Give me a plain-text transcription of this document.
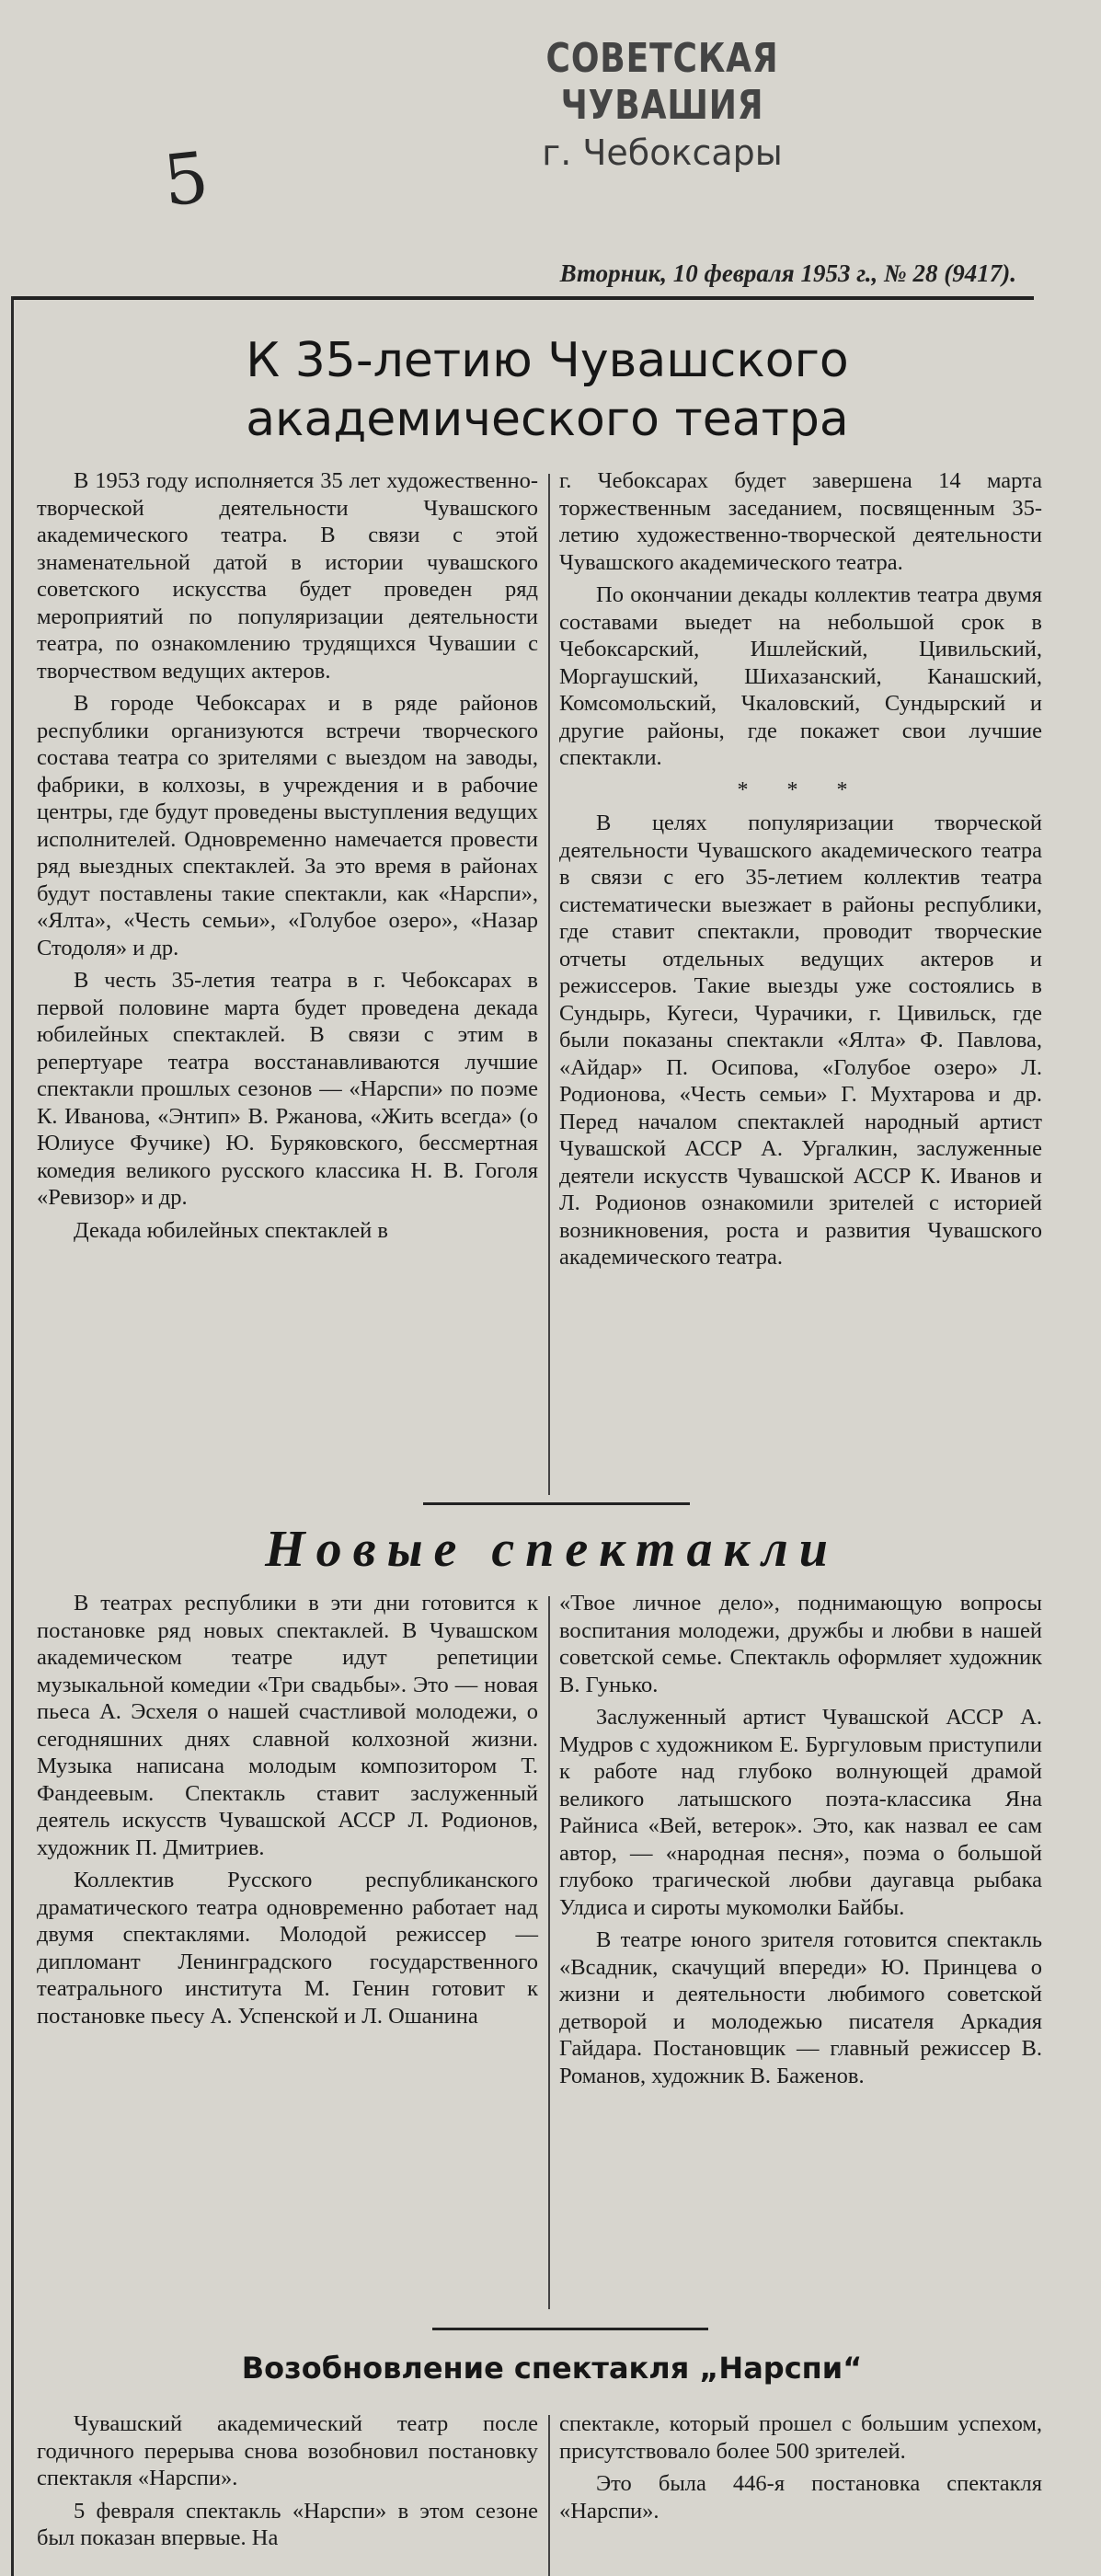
СОВЕТСКАЯ ЧУВАШИЯ
г. Чебоксары
5
Вторник, 10 февраля 1953 г., № 28 (9417).
К 35-летию Чувашского
академического театра

В 1953 году исполняется 35 лет художественно-творческой деятельности Чувашского академического театра. В связи с этой знаменательной датой в истории чувашского советского искусства будет проведен ряд мероприятий по популяризации деятельности театра, по ознакомлению трудящихся Чувашии с творчеством ведущих актеров.

В городе Чебоксарах и в ряде районов республики организуются встречи творческого состава театра со зрителями с выездом на заводы, фабрики, в колхозы, в учреждения и в рабочие центры, где будут проведены выступления ведущих исполнителей. Одновременно намечается провести ряд выездных спектаклей. За это время в районах будут поставлены такие спектакли, как «Нарспи», «Ялта», «Честь семьи», «Голубое озеро», «Назар Стодоля» и др.

В честь 35-летия театра в г. Чебоксарах в первой половине марта будет проведена декада юбилейных спектаклей. В связи с этим в репертуаре театра восстанавливаются лучшие спектакли прошлых сезонов — «Нарспи» по поэме К. Иванова, «Энтип» В. Ржанова, «Жить всегда» (о Юлиусе Фучике) Ю. Буряковского, бессмертная комедия великого русского классика Н. В. Гоголя «Ревизор» и др.

Декада юбилейных спектаклей в

г. Чебоксарах будет завершена 14 марта торжественным заседанием, посвященным 35-летию художественно-творческой деятельности Чувашского академического театра.

По окончании декады коллектив театра двумя составами выедет на небольшой срок в Чебоксарский, Ишлейский, Цивильский, Моргаушский, Шихазанский, Канашский, Комсомольский, Чкаловский, Сундырский и другие районы, где покажет свои лучшие спектакли.

* * *

В целях популяризации творческой деятельности Чувашского академического театра в связи с его 35-летием коллектив театра систематически выезжает в районы республики, где ставит спектакли, проводит творческие отчеты отдельных ведущих актеров и режиссеров. Такие выезды уже состоялись в Сундырь, Кугеси, Чурачики, г. Цивильск, где были показаны спектакли «Ялта» Ф. Павлова, «Айдар» П. Осипова, «Голубое озеро» Л. Родионова, «Честь семьи» Г. Мухтарова и др. Перед началом спектаклей народный артист Чувашской АССР А. Ургалкин, заслуженные деятели искусств Чувашской АССР К. Иванов и Л. Родионов ознакомили зрителей с историей возникновения, роста и развития Чувашского академического театра.

Новые спектакли

В театрах республики в эти дни готовится к постановке ряд новых спектаклей. В Чувашском академическом театре идут репетиции музыкальной комедии «Три свадьбы». Это — новая пьеса А. Эсхеля о нашей счастливой молодежи, о сегодняшних днях славной колхозной жизни. Музыка написана молодым композитором Т. Фандеевым. Спектакль ставит заслуженный деятель искусств Чувашской АССР Л. Родионов, художник П. Дмитриев.

Коллектив Русского республиканского драматического театра одновременно работает над двумя спектаклями. Молодой режиссер — дипломант Ленинградского государственного театрального института М. Генин готовит к постановке пьесу А. Успенской и Л. Ошанина

«Твое личное дело», поднимающую вопросы воспитания молодежи, дружбы и любви в нашей советской семье. Спектакль оформляет художник В. Гунько.

Заслуженный артист Чувашской АССР А. Мудров с художником Е. Бургуловым приступили к работе над глубоко волнующей драмой великого латышского поэта-классика Яна Райниса «Вей, ветерок». Это, как назвал ее сам автор, — «народная песня», поэма о большой глубоко трагической любви даугавца рыбака Улдиса и сироты мукомолки Байбы.

В театре юного зрителя готовится спектакль «Всадник, скачущий впереди» Ю. Принцева о жизни и деятельности любимого советской детворой и молодежью писателя Аркадия Гайдара. Постановщик — главный режиссер В. Романов, художник В. Баженов.

Возобновление спектакля „Нарспи“

Чувашский академический театр после годичного перерыва снова возобновил постановку спектакля «Нарспи».

5 февраля спектакль «Нарспи» в этом сезоне был показан впервые. На

спектакле, который прошел с большим успехом, присутствовало более 500 зрителей.

Это была 446-я постановка спектакля «Нарспи».
